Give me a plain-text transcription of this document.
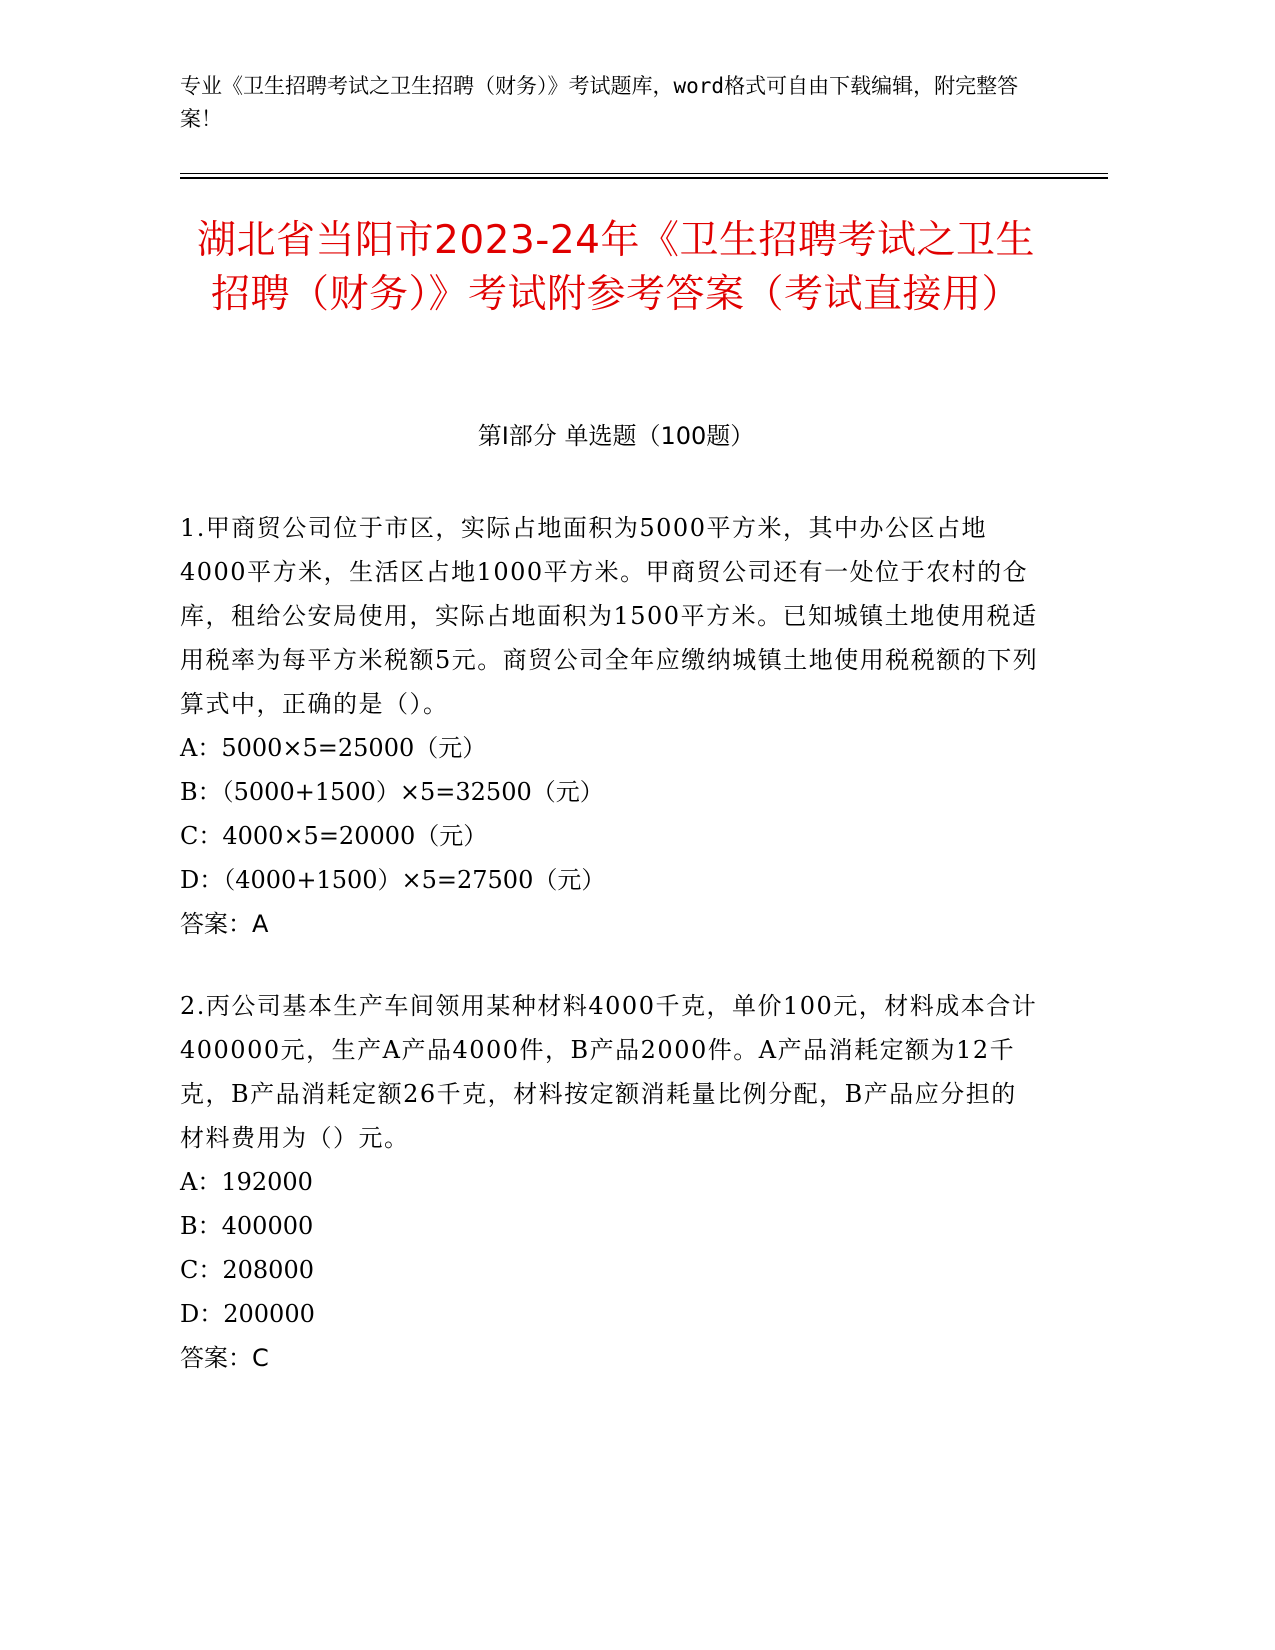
专业《卫生招聘考试之卫生招聘（财务）》考试题库，word格式可自由下载编辑，附完整答案！
湖北省当阳市2023-24年《卫生招聘考试之卫生招聘（财务）》考试附参考答案（考试直接用）
第I部分 单选题（100题）

1.甲商贸公司位于市区，实际占地面积为5000平方米，其中办公区占地4000平方米，生活区占地1000平方米。甲商贸公司还有一处位于农村的仓库，租给公安局使用，实际占地面积为1500平方米。已知城镇土地使用税适用税率为每平方米税额5元。商贸公司全年应缴纳城镇土地使用税税额的下列算式中，正确的是（）。

A：5000×5=25000（元）

B：（5000+1500）×5=32500（元）

C：4000×5=20000（元）

D：（4000+1500）×5=27500（元）

答案：A

2.丙公司基本生产车间领用某种材料4000千克，单价100元，材料成本合计400000元，生产A产品4000件，B产品2000件。A产品消耗定额为12千克，B产品消耗定额26千克，材料按定额消耗量比例分配，B产品应分担的材料费用为（）元。

A：192000

B：400000

C：208000

D：200000

答案：C
